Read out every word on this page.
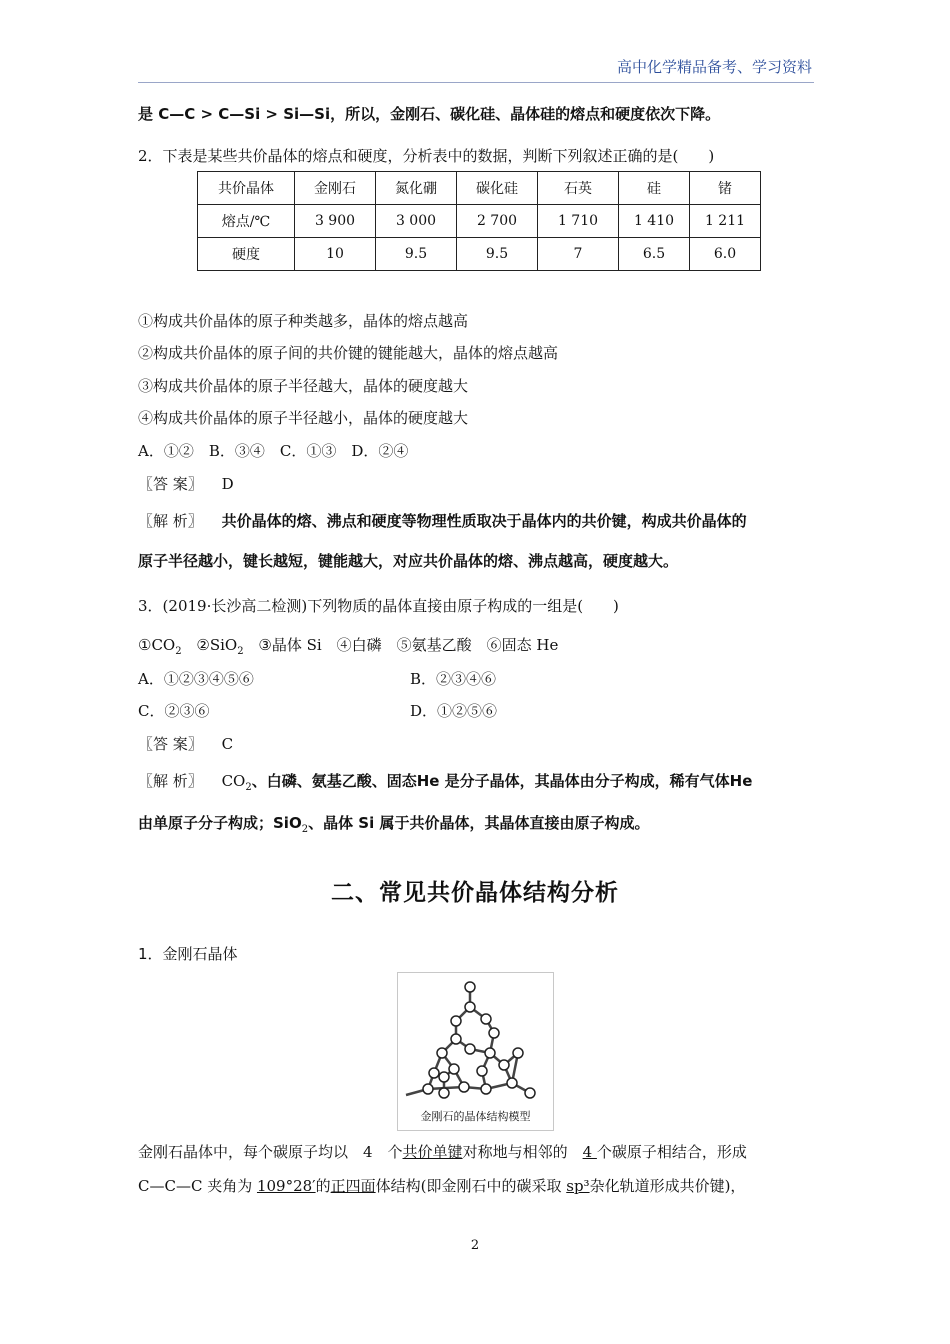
高中化学精品备考、学习资料
是 C—C > C—Si > Si—Si，所以，金刚石、碳化硅、晶体硅的熔点和硬度依次下降。
2．下表是某些共价晶体的熔点和硬度，分析表中的数据，判断下列叙述正确的是(　　)
共价晶体	金刚石	氮化硼	碳化硅	石英	硅	锗
熔点/℃	3 900	3 000	2 700	1 710	1 410	1 211
硬度	10	9.5	9.5	7	6.5	6.0
①构成共价晶体的原子种类越多，晶体的熔点越高
②构成共价晶体的原子间的共价键的键能越大，晶体的熔点越高
③构成共价晶体的原子半径越大，晶体的硬度越大
④构成共价晶体的原子半径越小，晶体的硬度越大
A．①②　B．③④　C．①③　D．②④
〖答 案〗 D
〖解 析〗 共价晶体的熔、沸点和硬度等物理性质取决于晶体内的共价键，构成共价晶体的
原子半径越小，键长越短，键能越大，对应共价晶体的熔、沸点越高，硬度越大。
3．(2019·长沙高二检测)下列物质的晶体直接由原子构成的一组是(　　)
$①CO_2$ ②SiO$_2$ ③晶体 Si　④白磷　⑤氨基乙酸　⑥固态 He
A．①②③④⑤⑥	B．②③④⑥
C．②③⑥	D．①②⑤⑥
〖答 案〗 C
〖解 析〗 $CO_2$、白磷、氨基乙酸、固态He 是分子晶体，其晶体由分子构成，稀有气体He
由单原子分子构成；SiO$_2$、晶体 Si 属于共价晶体，其晶体直接由原子构成。
二、常见共价晶体结构分析
1．金刚石晶体
金刚石的晶体结构模型
金刚石晶体中，每个碳原子均以　4　个共价单键对称地与相邻的　4 个碳原子相结合，形成
C—C—C 夹角为 109°28′的正四面体结构(即金刚石中的碳采取 sp³杂化轨道形成共价键)，
2
